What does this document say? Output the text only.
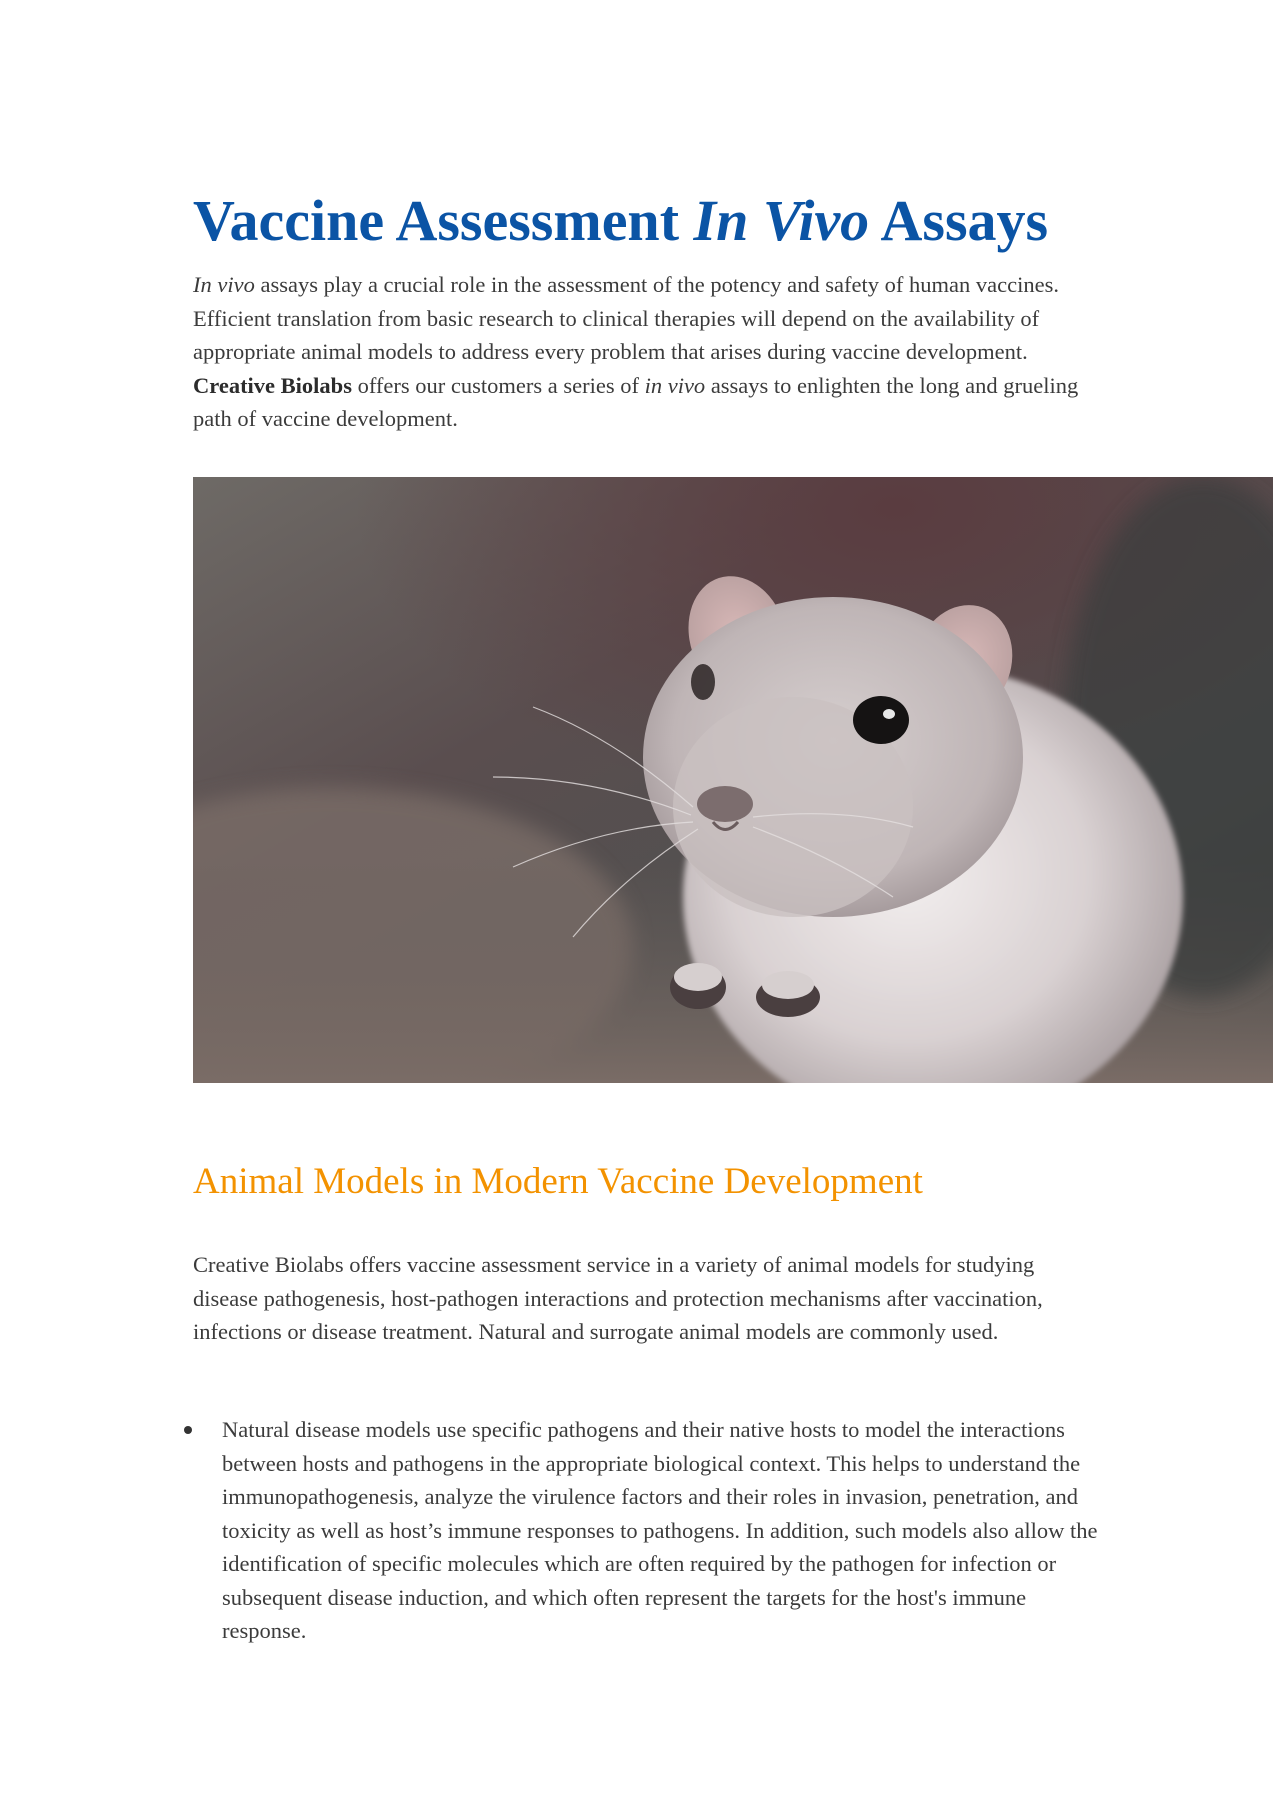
Vaccine Assessment In Vivo Assays

In vivo assays play a crucial role in the assessment of the potency and safety of human vaccines. Efficient translation from basic research to clinical therapies will depend on the availability of appropriate animal models to address every problem that arises during vaccine development. Creative Biolabs offers our customers a series of in vivo assays to enlighten the long and grueling path of vaccine development.

Animal Models in Modern Vaccine Development

Creative Biolabs offers vaccine assessment service in a variety of animal models for studying disease pathogenesis, host-pathogen interactions and protection mechanisms after vaccination, infections or disease treatment. Natural and surrogate animal models are commonly used.

Natural disease models use specific pathogens and their native hosts to model the interactions between hosts and pathogens in the appropriate biological context. This helps to understand the immunopathogenesis, analyze the virulence factors and their roles in invasion, penetration, and toxicity as well as host’s immune responses to pathogens. In addition, such models also allow the identification of specific molecules which are often required by the pathogen for infection or subsequent disease induction, and which often represent the targets for the host's immune response.
